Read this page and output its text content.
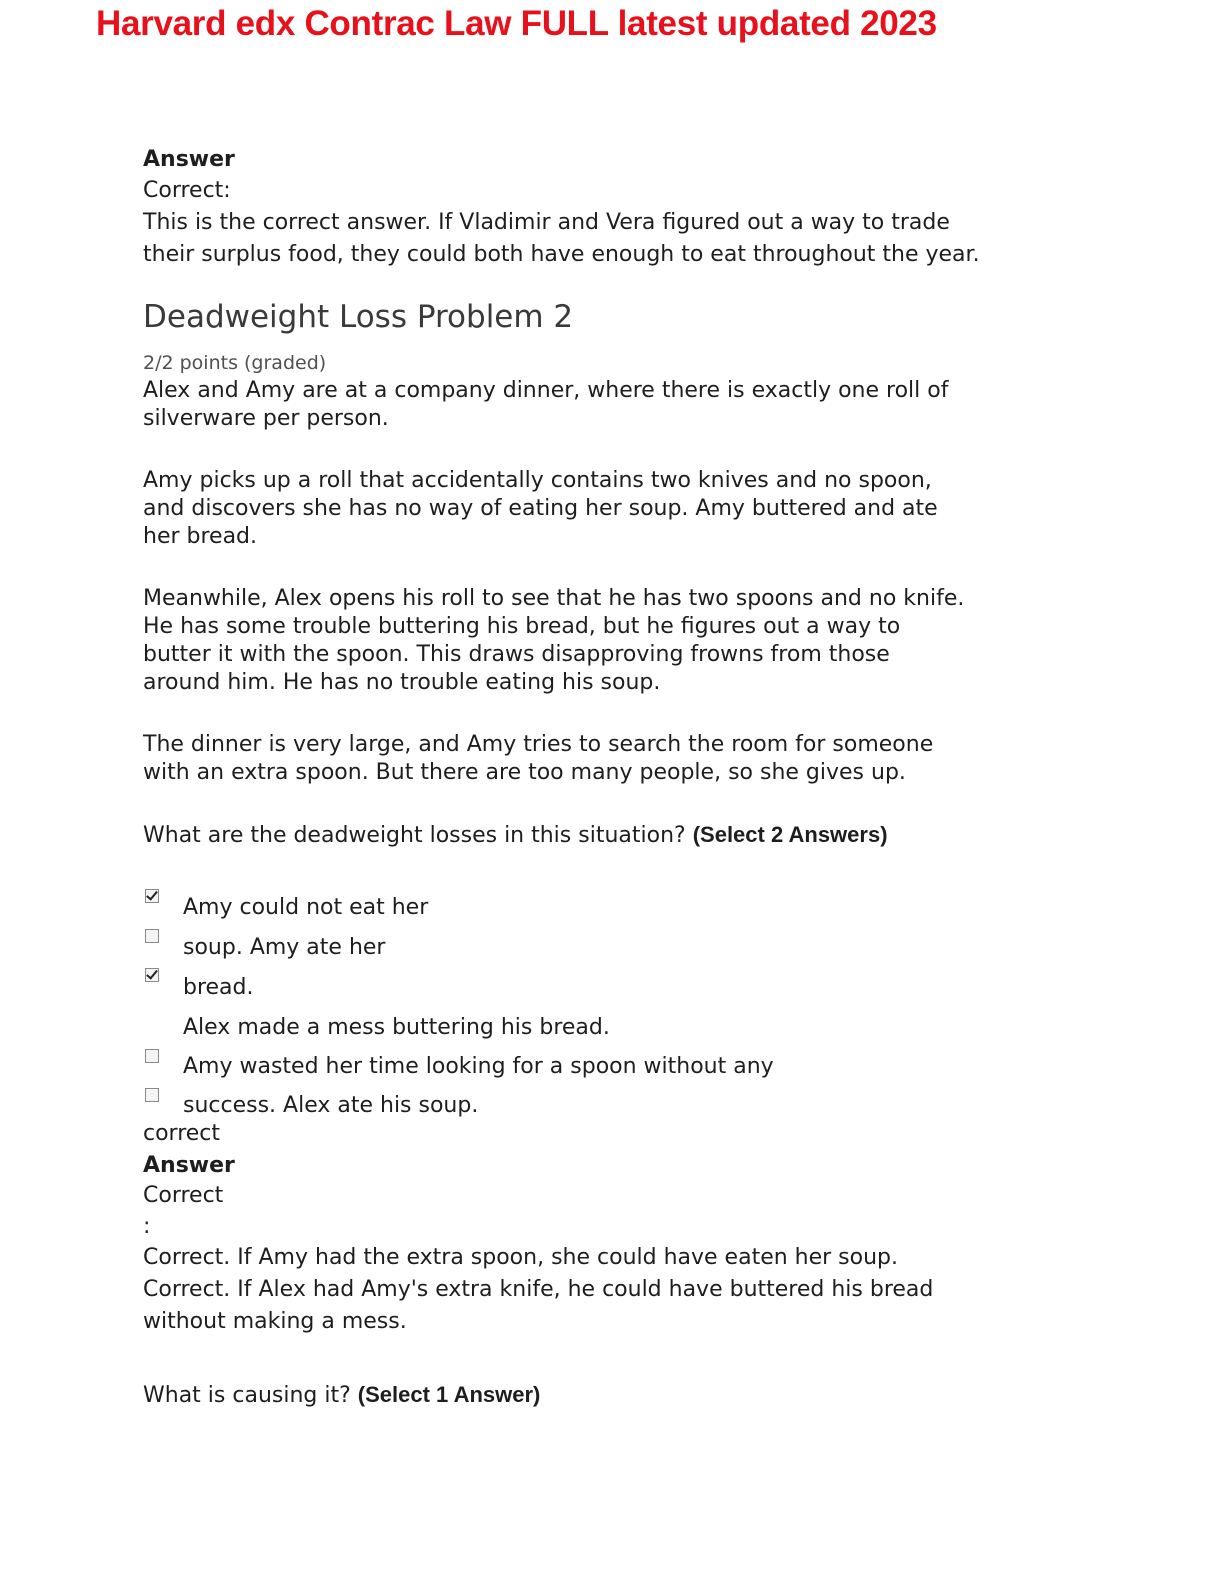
Harvard edx Contrac Law FULL latest updated 2023
Answer
Correct:
This is the correct answer. If Vladimir and Vera figured out a way to trade
their surplus food, they could both have enough to eat throughout the year.
Deadweight Loss Problem 2
2/2 points (graded)
Alex and Amy are at a company dinner, where there is exactly one roll of
silverware per person.
Amy picks up a roll that accidentally contains two knives and no spoon,
and discovers she has no way of eating her soup. Amy buttered and ate
her bread.
Meanwhile, Alex opens his roll to see that he has two spoons and no knife.
He has some trouble buttering his bread, but he figures out a way to
butter it with the spoon. This draws disapproving frowns from those
around him. He has no trouble eating his soup.
The dinner is very large, and Amy tries to search the room for someone
with an extra spoon. But there are too many people, so she gives up.
What are the deadweight losses in this situation? (Select 2 Answers)
Amy could not eat her
soup. Amy ate her
bread.
Alex made a mess buttering his bread.
Amy wasted her time looking for a spoon without any
success. Alex ate his soup.
correct
Answer
Correct
:
Correct. If Amy had the extra spoon, she could have eaten her soup.
Correct. If Alex had Amy's extra knife, he could have buttered his bread
without making a mess.
What is causing it? (Select 1 Answer)
